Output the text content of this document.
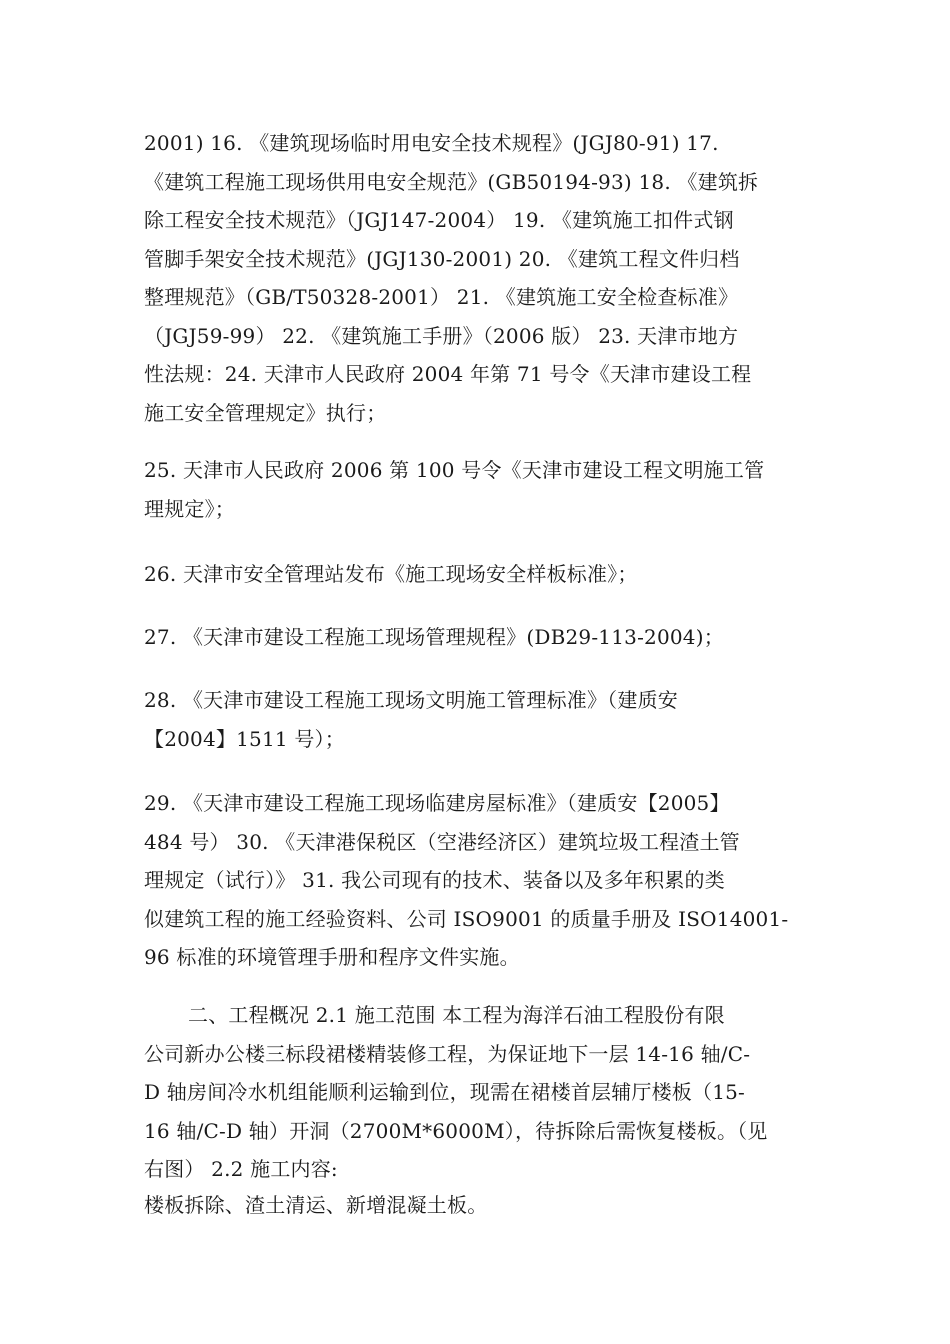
2001) 16. 《建筑现场临时用电安全技术规程》(JGJ80-91) 17.
《建筑工程施工现场供用电安全规范》(GB50194-93) 18. 《建筑拆
除工程安全技术规范》（JGJ147-2004） 19. 《建筑施工扣件式钢
管脚手架安全技术规范》(JGJ130-2001) 20. 《建筑工程文件归档
整理规范》（GB/T50328-2001） 21. 《建筑施工安全检查标准》
（JGJ59-99） 22. 《建筑施工手册》（2006 版） 23. 天津市地方
性法规：24. 天津市人民政府 2004 年第 71 号令《天津市建设工程
施工安全管理规定》执行；
25. 天津市人民政府 2006 第 100 号令《天津市建设工程文明施工管
理规定》；
26. 天津市安全管理站发布《施工现场安全样板标准》；
27. 《天津市建设工程施工现场管理规程》(DB29-113-2004)；
28. 《天津市建设工程施工现场文明施工管理标准》（建质安
【2004】1511 号）；
29. 《天津市建设工程施工现场临建房屋标准》（建质安【2005】
484 号） 30. 《天津港保税区（空港经济区）建筑垃圾工程渣土管
理规定（试行）》 31. 我公司现有的技术、装备以及多年积累的类
似建筑工程的施工经验资料、公司 ISO9001 的质量手册及 ISO14001-
96 标准的环境管理手册和程序文件实施。
二、工程概况 2.1 施工范围 本工程为海洋石油工程股份有限
公司新办公楼三标段裙楼精装修工程，为保证地下一层 14-16 轴/C-
D 轴房间冷水机组能顺利运输到位，现需在裙楼首层辅厅楼板（15-
16 轴/C-D 轴）开洞（2700M*6000M），待拆除后需恢复楼板。（见
右图） 2.2 施工内容:
楼板拆除、渣土清运、新增混凝土板。
